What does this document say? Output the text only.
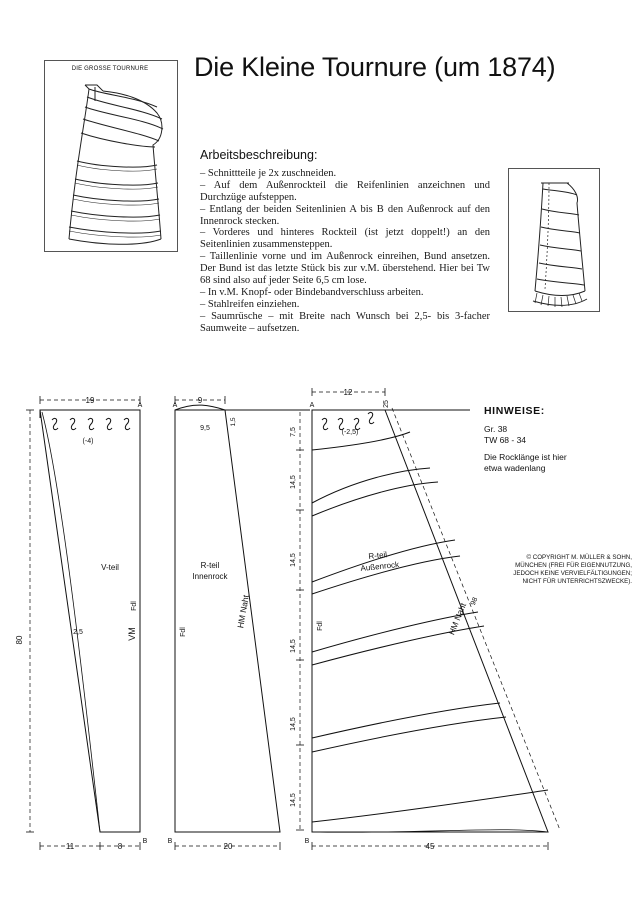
Die Kleine Tournure (um 1874)
DIE GROSSE TOURNURE
Arbeitsbeschreibung:
– Schnittteile je 2x zuschneiden.
– Auf dem Außenrockteil die Reifenlinien anzeichnen und Durchzüge aufsteppen.
– Entlang der beiden Seitenlinien A bis B den Außenrock auf den Innenrock stecken.
– Vorderes und hinteres Rockteil (ist jetzt doppelt!) an den Seitenlinien zusammensteppen.
– Taillenlinie vorne und im Außenrock einreihen, Bund ansetzen. Der Bund ist das letzte Stück bis zur v.M. überstehend. Hier bei Tw 68 sind also auf jeder Seite 6,5 cm lose.
– In v.M. Knopf- oder Bindebandverschluss arbeiten.
– Stahlreifen einziehen.
– Saumrüsche – mit Breite nach Wunsch bei 2,5- bis 3-facher Saumweite – aufsetzen.
HINWEISE:
Gr. 38
TW 68 - 34
Die Rocklänge ist hier
etwa wadenlang
© COPYRIGHT M. MÜLLER & SOHN,
MÜNCHEN (FREI FÜR EIGENNUTZUNG,
JEDOCH KEINE VERVIELFÄLTIGUNGEN;
NICHT FÜR UNTERRICHTSZWECKE).
19	9
12
80
11	8	20	45
(-4)
(-2,5)
9,5
1,5
2,5
25
98
7,5
14,5
14,5
14,5
14,5
14,5
A	A	A
B	B	B
V-teil
VM
Fdl
R-teil
Innenrock
Fdl
HM Naht
R-teil
Außenrock
Fdl	HM Naht
